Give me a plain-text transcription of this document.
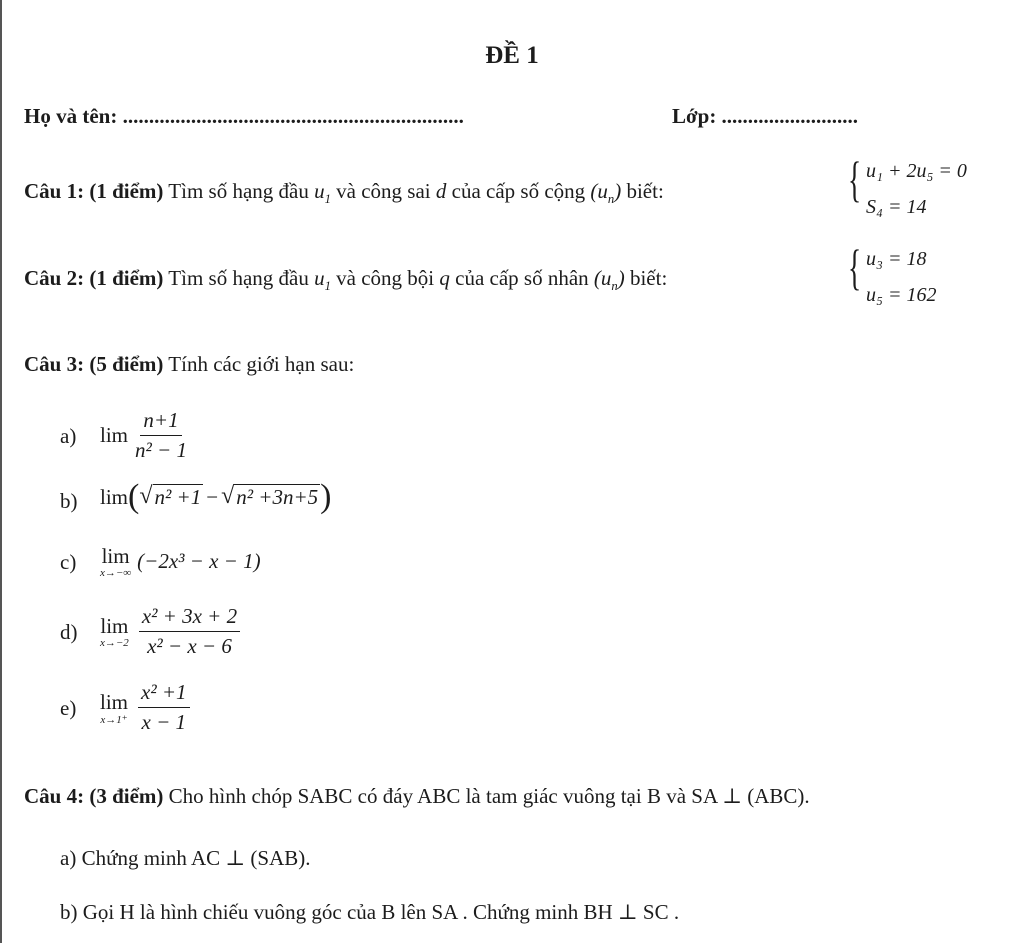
ĐỀ 1
Họ và tên: .................................................................	Lớp: ..........................
Câu 1: (1 điểm) Tìm số hạng đầu $u_1$ và công sai d của cấp số cộng $(u_n)$ biết:	{ u₁ + 2u₅ = 0
S₄ = 14
Câu 2: (1 điểm) Tìm số hạng đầu $u_1$ và công bội q của cấp số nhân $(u_n)$ biết:	{ u₃ = 18
u₅ = 162
Câu 3: (5 điểm) Tính các giới hạn sau:
a) $\lim \frac{n+1}{\text{n² − 1}}$
b) lim ( √ n² +1 − √ n² +3n+5 )
c) lim
x→−∞ (−2x³ − x − 1)
d) lim
$x\to-2 \frac{\text{x² + 3x + 2}}{\text{x² − x − 6}}$
e) lim
$x\to 1^+ \frac{\text{x² +1}}{x - 1}$
Câu 4: (3 điểm) Cho hình chóp SABC có đáy ABC là tam giác vuông tại B và SA ⊥ (ABC).
a) Chứng minh AC ⊥ (SAB).
b) Gọi H là hình chiếu vuông góc của B lên SA . Chứng minh BH ⊥ SC .
